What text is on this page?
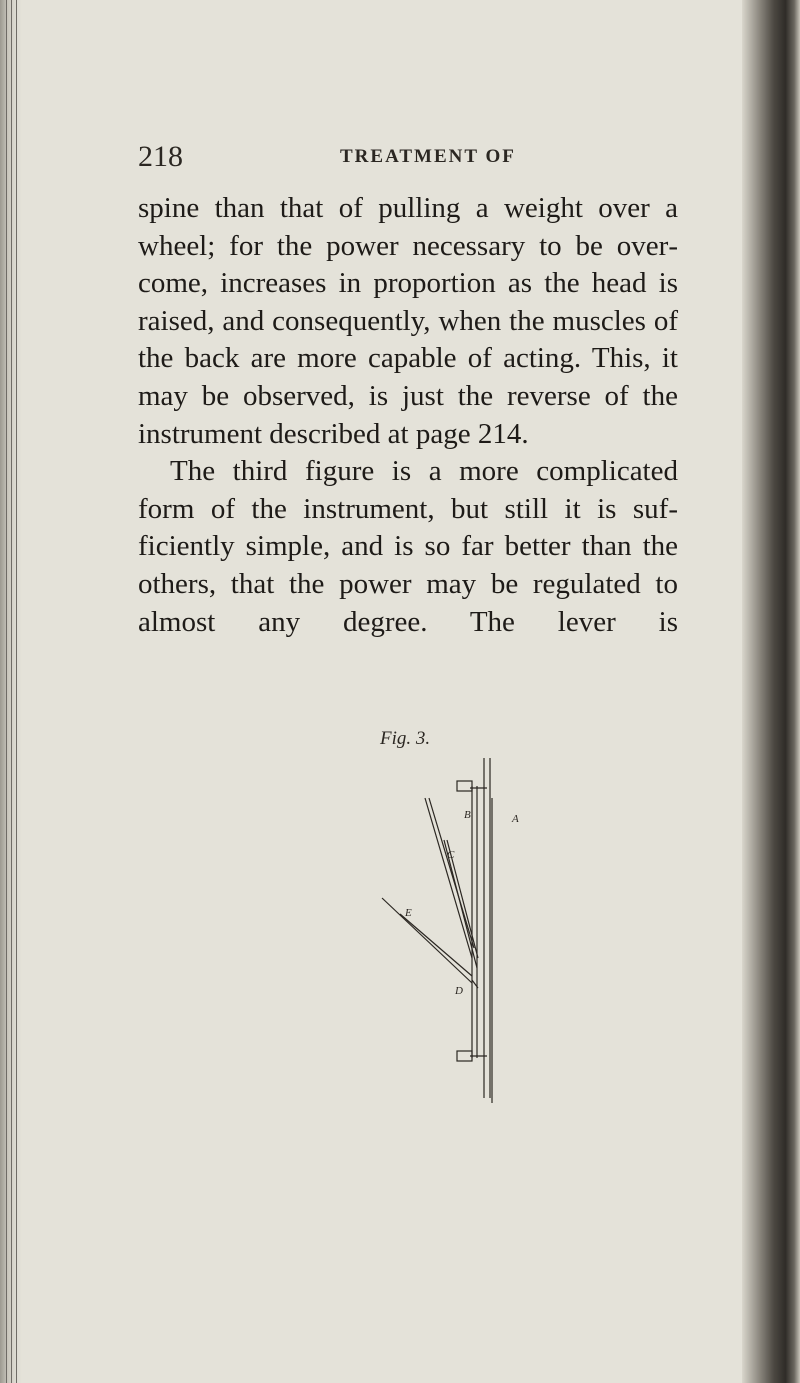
218	TREATMENT OF

spine than that of pulling a weight over a wheel; for the power necessary to be overcome, increases in proportion as the head is raised, and consequently, when the muscles of the back are more capable of acting. This, it may be observed, is just the reverse of the instrument described at page 214.

The third figure is a more complicated form of the instrument, but still it is sufficiently simple, and is so far better than the others, that the power may be regulated to almost any degree. The lever is

Fig. 3.
B	A
C
E
D
